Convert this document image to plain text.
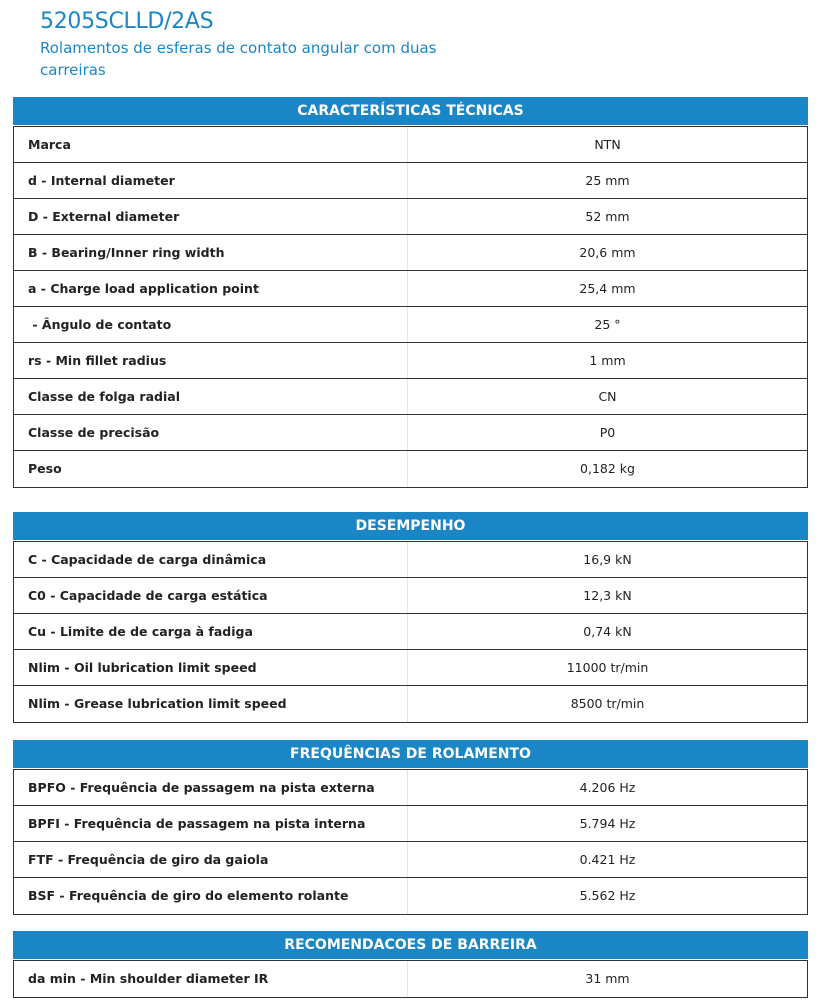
5205SCLLD/2AS
Rolamentos de esferas de contato angular com duas carreiras
CARACTERÍSTICAS TÉCNICAS
Marca	NTN
d - Internal diameter	25 mm
D - External diameter	52 mm
B - Bearing/Inner ring width	20,6 mm
a - Charge load application point	25,4 mm
- Ângulo de contato	25 °
rs - Min fillet radius	1 mm
Classe de folga radial	CN
Classe de precisão	P0
Peso	0,182 kg
DESEMPENHO
C - Capacidade de carga dinâmica	16,9 kN
C0 - Capacidade de carga estática	12,3 kN
Cu - Limite de de carga à fadiga	0,74 kN
Nlim - Oil lubrication limit speed	11000 tr/min
Nlim - Grease lubrication limit speed	8500 tr/min
FREQUÊNCIAS DE ROLAMENTO
BPFO - Frequência de passagem na pista externa	4.206 Hz
BPFI - Frequência de passagem na pista interna	5.794 Hz
FTF - Frequência de giro da gaiola	0.421 Hz
BSF - Frequência de giro do elemento rolante	5.562 Hz
RECOMENDACOES DE BARREIRA
da min - Min shoulder diameter IR	31 mm
